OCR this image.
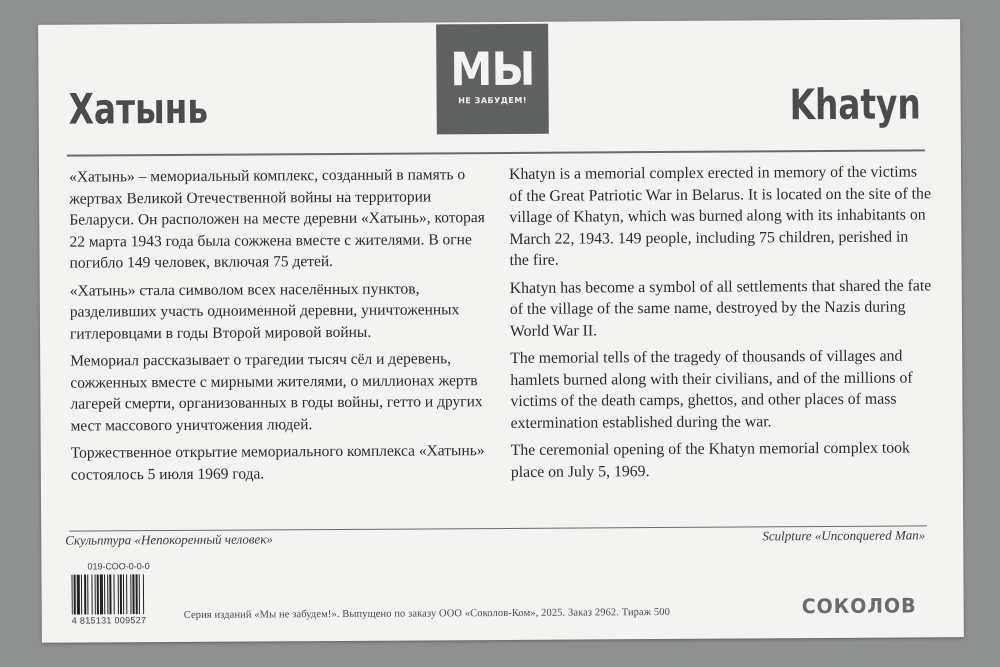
МЫ
НЕ ЗАБУДЕМ!
Хатынь	Khatyn

«Хатынь» – мемориальный комплекс, созданный в память о жертвах Великой Отечественной войны на территории Беларуси. Он расположен на месте деревни «Хатынь», которая 22 марта 1943 года была сожжена вместе с жителями. В огне погибло 149 человек, включая 75 детей.

«Хатынь» стала символом всех населённых пунктов, разделивших участь одноименной деревни, уничтоженных гитлеровцами в годы Второй мировой войны.

Мемориал рассказывает о трагедии тысяч сёл и деревень, сожженных вместе с мирными жителями, о миллионах жертв лагерей смерти, организованных в годы войны, гетто и других мест массового уничтожения людей.

Торжественное открытие мемориального комплекса «Хатынь» состоялось 5 июля 1969 года.

Khatyn is a memorial complex erected in memory of the victims of the Great Patriotic War in Belarus. It is located on the site of the village of Khatyn, which was burned along with its inhabitants on March 22, 1943. 149 people, including 75 children, perished in the fire.

Khatyn has become a symbol of all settlements that shared the fate of the village of the same name, destroyed by the Nazis during World War II.

The memorial tells of the tragedy of thousands of villages and hamlets burned along with their civilians, and of the millions of victims of the death camps, ghettos, and other places of mass extermination established during the war.

The ceremonial opening of the Khatyn memorial complex took place on July 5, 1969.

Скульптура «Непокоренный человек»	Sculpture «Unconquered Man»
019-СОО-0-0-0
4 815131 009527	Серия изданий «Мы не забудем!». Выпущено по заказу ООО «Соколов-Ком», 2025. Заказ 2962. Тираж 500	СОКОЛОВ
